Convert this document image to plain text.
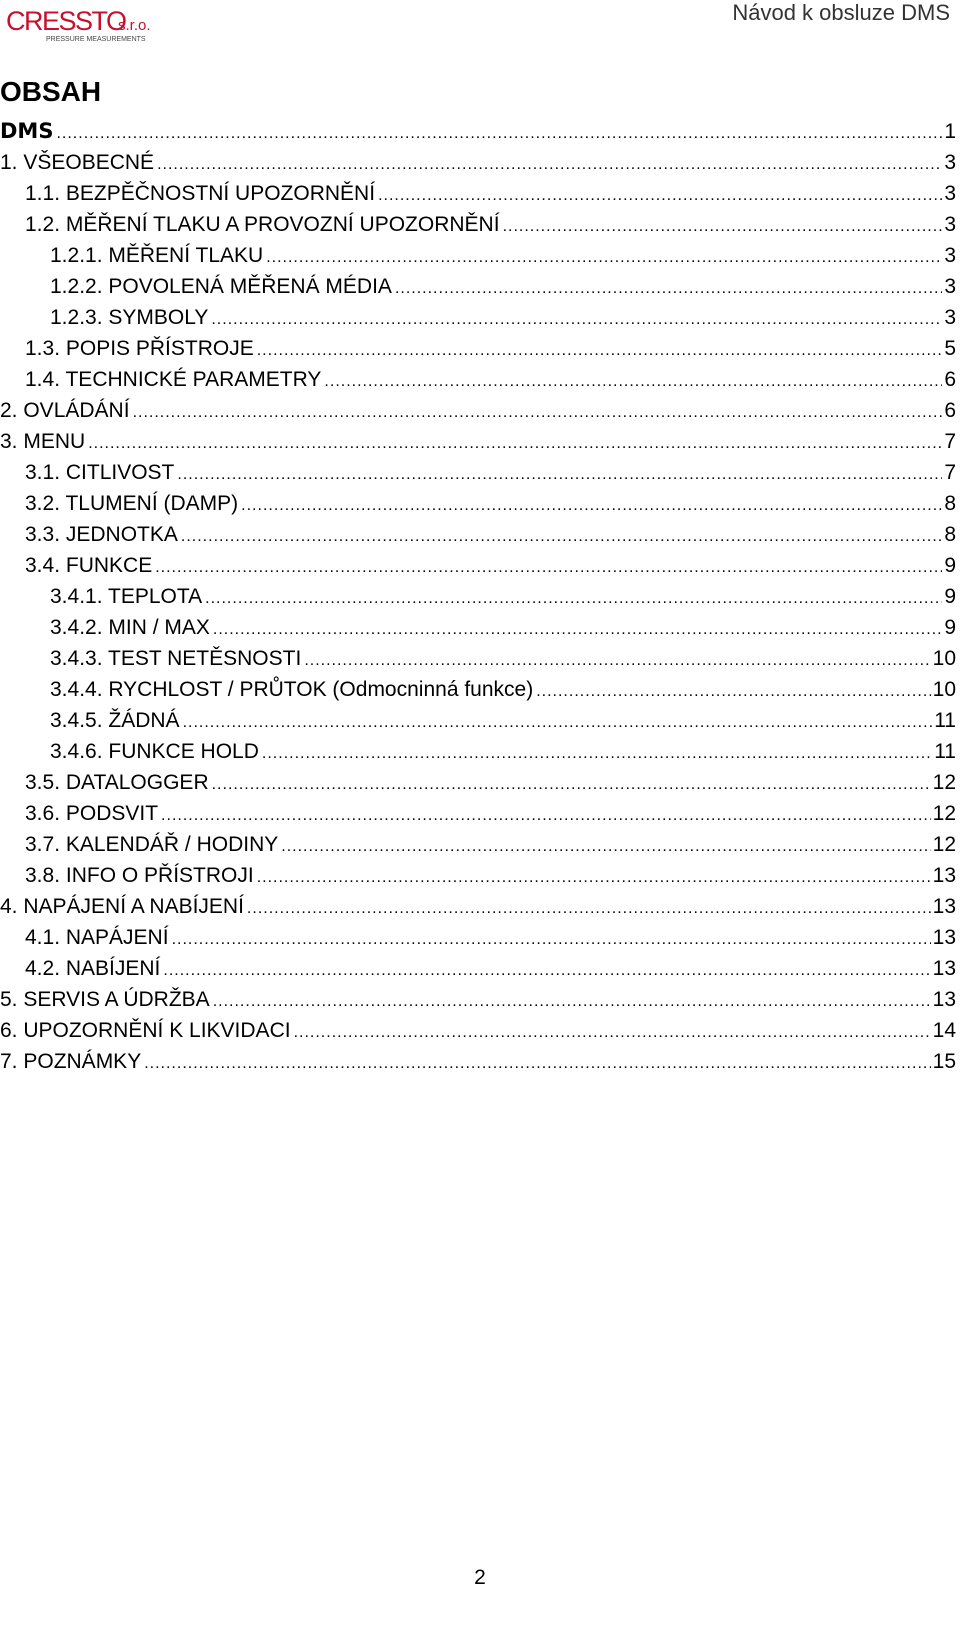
CRESSTO
s.r.o.
PRESSURE MEASUREMENTS
Návod k obsluze DMS
OBSAH
DMS .....	1
1. VŠEOBECNÉ .....	3
1.1. BEZPĚČNOSTNÍ UPOZORNĚNÍ .....	3
1.2. MĚŘENÍ TLAKU A PROVOZNÍ UPOZORNĚNÍ .....	3
1.2.1. MĚŘENÍ TLAKU .....	3
1.2.2. POVOLENÁ MĚŘENÁ MÉDIA .....	3
1.2.3. SYMBOLY .....	3
1.3. POPIS PŘÍSTROJE .....	5
1.4. TECHNICKÉ PARAMETRY .....	6
2. OVLÁDÁNÍ .....	6
3. MENU .....	7
3.1. CITLIVOST .....	7
3.2. TLUMENÍ (DAMP) .....	8
3.3. JEDNOTKA .....	8
3.4. FUNKCE .....	9
3.4.1. TEPLOTA .....	9
3.4.2. MIN / MAX .....	9
3.4.3. TEST NETĚSNOSTI .....	10
3.4.4. RYCHLOST / PRŮTOK (Odmocninná funkce) .....	10
3.4.5. ŽÁDNÁ .....	11
3.4.6. FUNKCE HOLD .....	11
3.5. DATALOGGER .....	12
3.6. PODSVIT .....	12
3.7. KALENDÁŘ / HODINY .....	12
3.8. INFO O PŘÍSTROJI .....	13
4. NAPÁJENÍ A NABÍJENÍ .....	13
4.1. NAPÁJENÍ .....	13
4.2. NABÍJENÍ .....	13
5. SERVIS A ÚDRŽBA .....	13
6. UPOZORNĚNÍ K LIKVIDACI .....	14
7. POZNÁMKY .....	15
2
